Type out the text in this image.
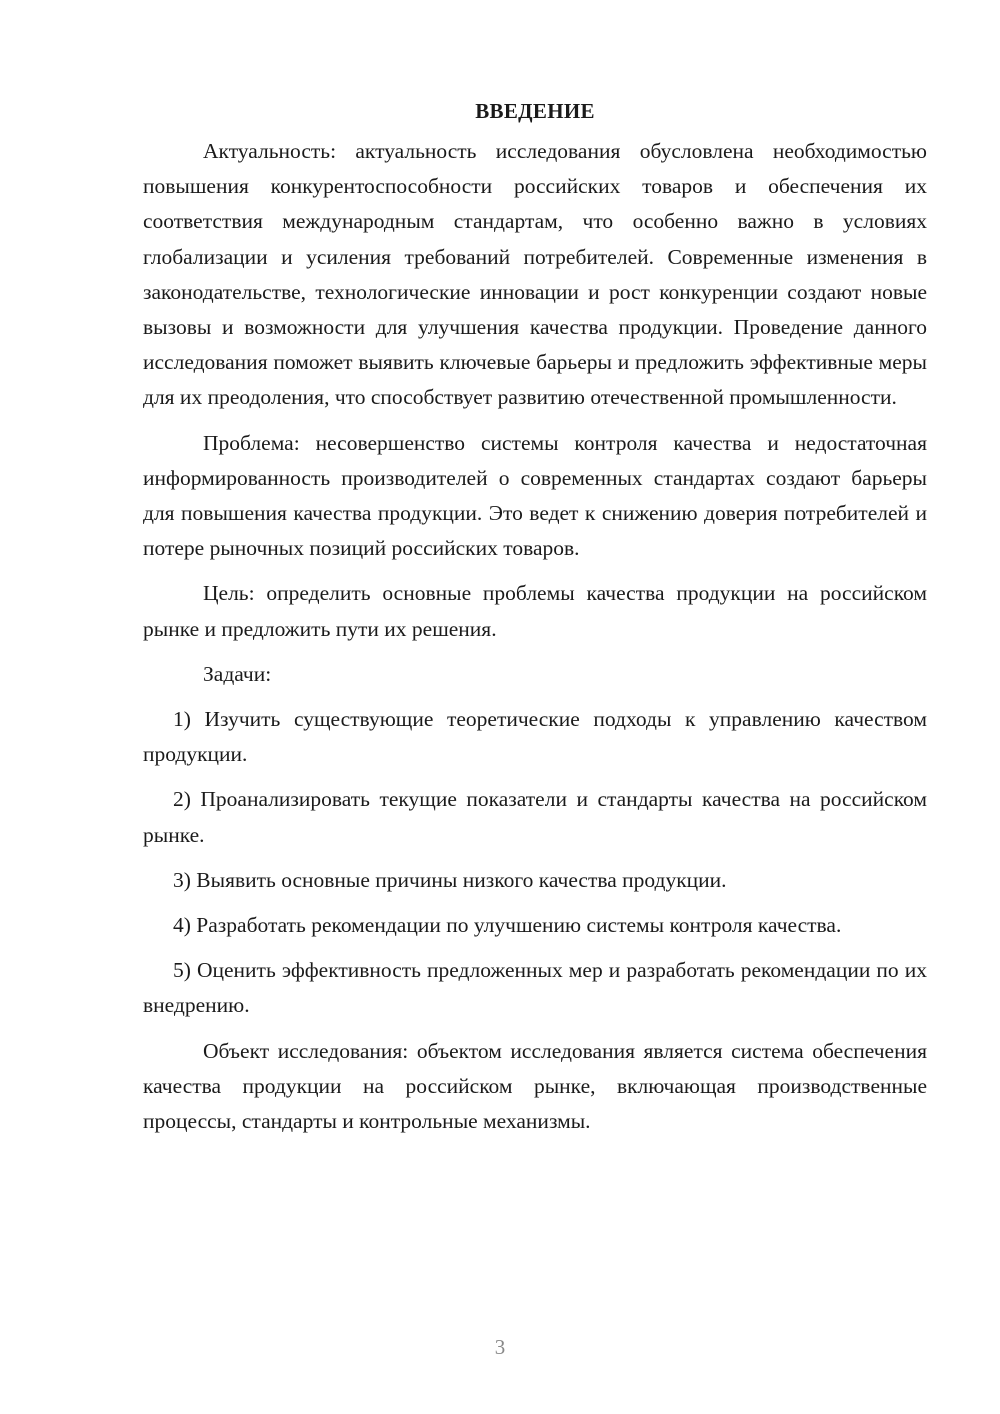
ВВЕДЕНИЕ

Актуальность: актуальность исследования обусловлена необходимостью повышения конкурентоспособности российских товаров и обеспечения их соответствия международным стандартам, что особенно важно в условиях глобализации и усиления требований потребителей. Современные изменения в законодательстве, технологические инновации и рост конкуренции создают новые вызовы и возможности для улучшения качества продукции. Проведение данного исследования поможет выявить ключевые барьеры и предложить эффективные меры для их преодоления, что способствует развитию отечественной промышленности.

Проблема: несовершенство системы контроля качества и недостаточная информированность производителей о современных стандартах создают барьеры для повышения качества продукции. Это ведет к снижению доверия потребителей и потере рыночных позиций российских товаров.

Цель: определить основные проблемы качества продукции на российском рынке и предложить пути их решения.

Задачи:

1) Изучить существующие теоретические подходы к управлению качеством продукции.

2) Проанализировать текущие показатели и стандарты качества на российском рынке.

3) Выявить основные причины низкого качества продукции.

4) Разработать рекомендации по улучшению системы контроля качества.

5) Оценить эффективность предложенных мер и разработать рекомендации по их внедрению.

Объект исследования: объектом исследования является система обеспечения качества продукции на российском рынке, включающая производственные процессы, стандарты и контрольные механизмы.

3
